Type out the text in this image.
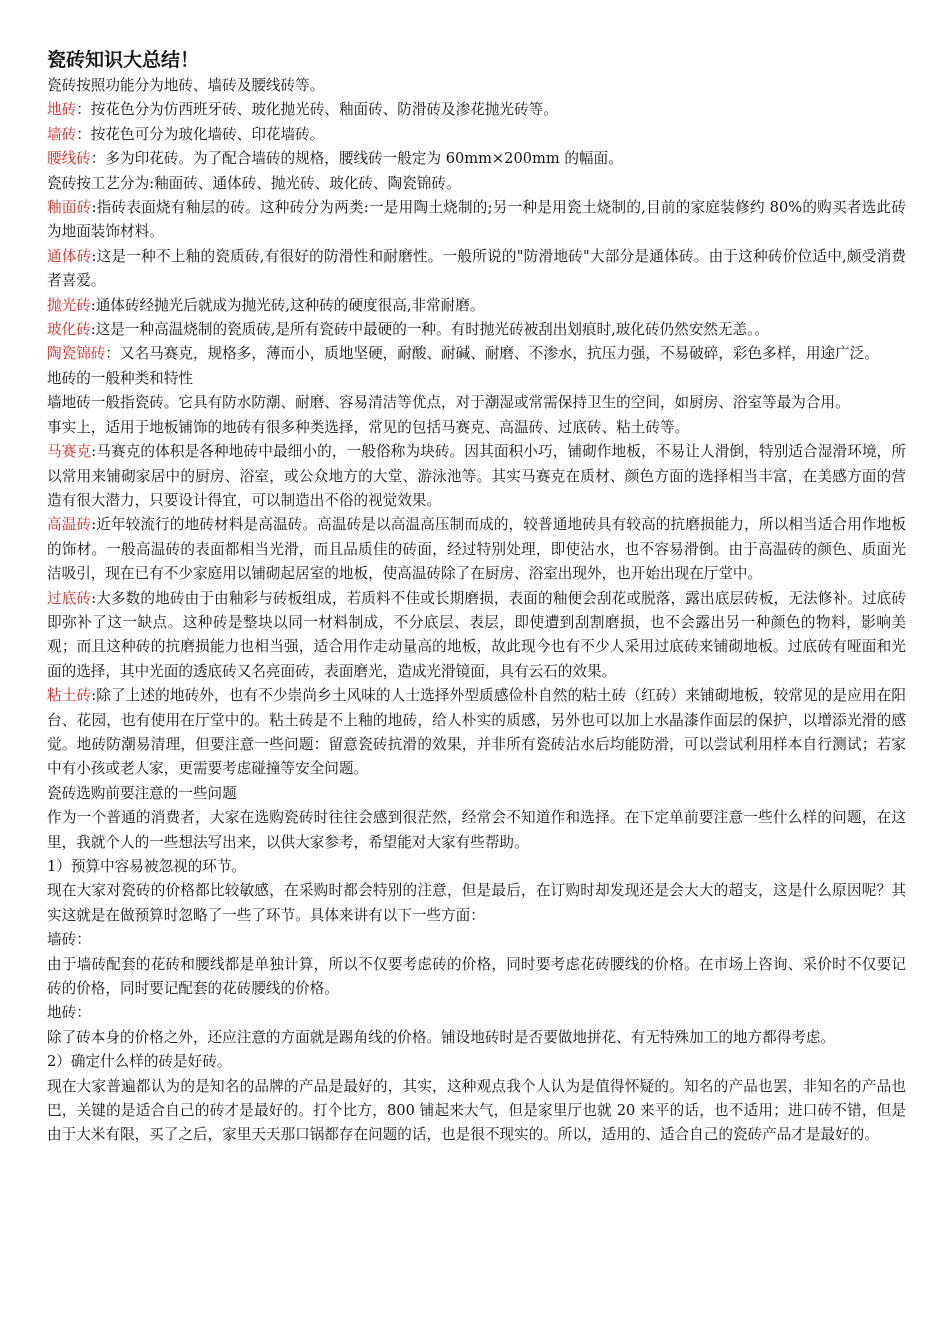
瓷砖知识大总结！

瓷砖按照功能分为地砖、墙砖及腰线砖等。

地砖：按花色分为仿西班牙砖、玻化抛光砖、釉面砖、防滑砖及渗花抛光砖等。

墙砖：按花色可分为玻化墙砖、印花墙砖。

腰线砖：多为印花砖。为了配合墙砖的规格，腰线砖一般定为 60mm×200mm 的幅面。

瓷砖按工艺分为:釉面砖、通体砖、抛光砖、玻化砖、陶瓷锦砖。

釉面砖:指砖表面烧有釉层的砖。这种砖分为两类:一是用陶土烧制的;另一种是用瓷土烧制的,目前的家庭装修约 80%的购买者选此砖为地面装饰材料。

通体砖:这是一种不上釉的瓷质砖,有很好的防滑性和耐磨性。一般所说的"防滑地砖"大部分是通体砖。由于这种砖价位适中,颇受消费者喜爱。

抛光砖:通体砖经抛光后就成为抛光砖,这种砖的硬度很高,非常耐磨。

玻化砖:这是一种高温烧制的瓷质砖,是所有瓷砖中最硬的一种。有时抛光砖被刮出划痕时,玻化砖仍然安然无恙。。

陶瓷锦砖：又名马赛克，规格多，薄而小，质地坚硬，耐酸、耐碱、耐磨、不渗水，抗压力强，不易破碎，彩色多样，用途广泛。

地砖的一般种类和特性

墙地砖一般指瓷砖。它具有防水防潮、耐磨、容易清洁等优点，对于潮湿或常需保持卫生的空间，如厨房、浴室等最为合用。

事实上，适用于地板铺饰的地砖有很多种类选择，常见的包括马赛克、高温砖、过底砖、粘土砖等。

马赛克:马赛克的体积是各种地砖中最细小的，一般俗称为块砖。因其面积小巧，铺砌作地板，不易让人滑倒，特别适合湿滑环境，所以常用来铺砌家居中的厨房、浴室，或公众地方的大堂、游泳池等。其实马赛克在质材、颜色方面的选择相当丰富，在美感方面的营造有很大潜力，只要设计得宜，可以制造出不俗的视觉效果。

高温砖:近年较流行的地砖材料是高温砖。高温砖是以高温高压制而成的，较普通地砖具有较高的抗磨损能力，所以相当适合用作地板的饰材。一般高温砖的表面都相当光滑，而且品质佳的砖面，经过特别处理，即使沾水，也不容易滑倒。由于高温砖的颜色、质面光洁吸引，现在已有不少家庭用以铺砌起居室的地板，使高温砖除了在厨房、浴室出现外，也开始出现在厅堂中。

过底砖:大多数的地砖由于由釉彩与砖板组成，若质料不佳或长期磨损，表面的釉便会刮花或脱落，露出底层砖板，无法修补。过底砖即弥补了这一缺点。这种砖是整块以同一材料制成，不分底层、表层，即使遭到刮割磨损，也不会露出另一种颜色的物料，影响美观；而且这种砖的抗磨损能力也相当强，适合用作走动量高的地板，故此现今也有不少人采用过底砖来铺砌地板。过底砖有哑面和光面的选择，其中光面的透底砖又名亮面砖，表面磨光，造成光滑镜面，具有云石的效果。

粘土砖:除了上述的地砖外，也有不少崇尚乡土风味的人士选择外型质感俭朴自然的粘土砖（红砖）来铺砌地板，较常见的是应用在阳台、花园，也有使用在厅堂中的。粘土砖是不上釉的地砖，给人朴实的质感，另外也可以加上水晶漆作面层的保护，以增添光滑的感觉。地砖防潮易清理，但要注意一些问题：留意瓷砖抗滑的效果，并非所有瓷砖沾水后均能防滑，可以尝试利用样本自行测试；若家中有小孩或老人家，更需要考虑碰撞等安全问题。

瓷砖选购前要注意的一些问题

作为一个普通的消费者，大家在选购瓷砖时往往会感到很茫然，经常会不知道作和选择。在下定单前要注意一些什么样的问题，在这里，我就个人的一些想法写出来，以供大家参考，希望能对大家有些帮助。

1）预算中容易被忽视的环节。

现在大家对瓷砖的价格都比较敏感，在采购时都会特别的注意，但是最后，在订购时却发现还是会大大的超支，这是什么原因呢？其实这就是在做预算时忽略了一些了环节。具体来讲有以下一些方面：

墙砖：

由于墙砖配套的花砖和腰线都是单独计算，所以不仅要考虑砖的价格，同时要考虑花砖腰线的价格。在市场上咨询、采价时不仅要记砖的价格，同时要记配套的花砖腰线的价格。

地砖：

除了砖本身的价格之外，还应注意的方面就是踢角线的价格。铺设地砖时是否要做地拼花、有无特殊加工的地方都得考虑。

2）确定什么样的砖是好砖。

现在大家普遍都认为的是知名的品牌的产品是最好的，其实，这种观点我个人认为是值得怀疑的。知名的产品也罢，非知名的产品也巴，关键的是适合自己的砖才是最好的。打个比方，800 铺起来大气，但是家里厅也就 20 来平的话，也不适用；进口砖不错，但是由于大米有限，买了之后，家里天天那口锅都存在问题的话，也是很不现实的。所以，适用的、适合自己的瓷砖产品才是最好的。
